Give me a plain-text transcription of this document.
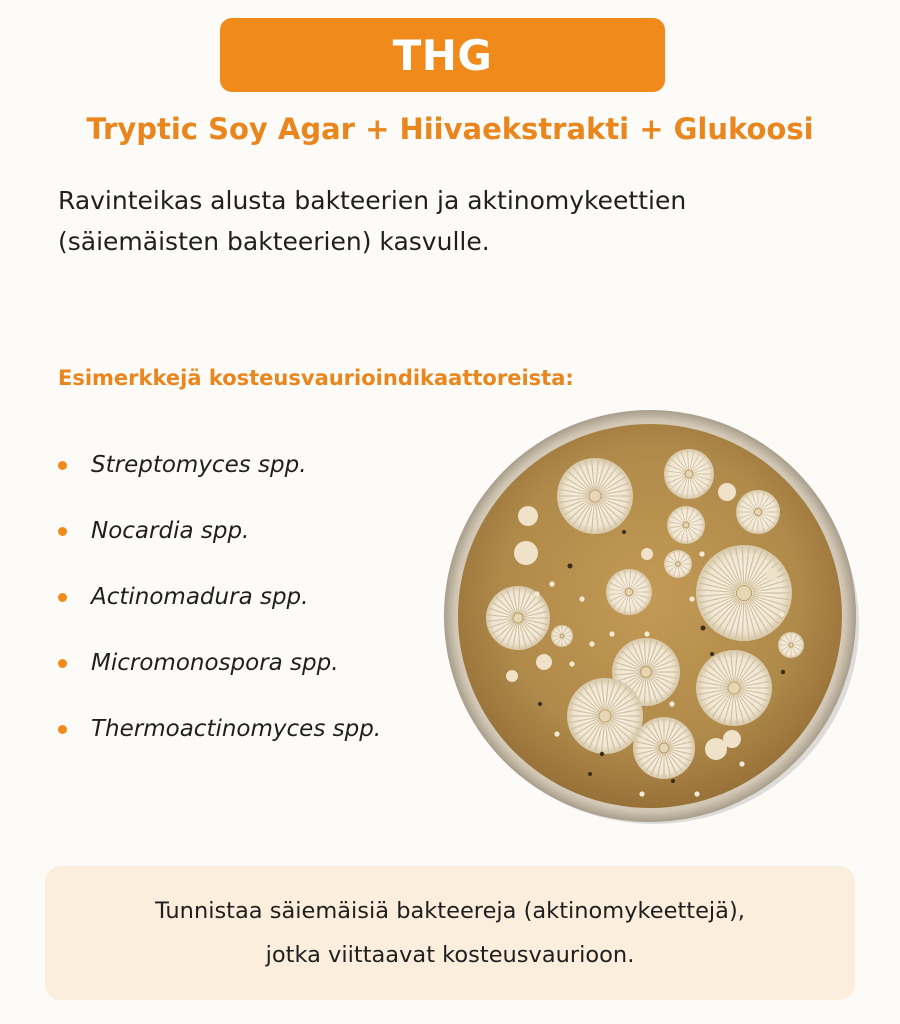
THG
Tryptic Soy Agar + Hiivaekstrakti + Glukoosi

Ravinteikas alusta bakteerien ja aktinomykeettien (säiemäisten bakteerien) kasvulle.

Esimerkkejä kosteusvaurioindikaattoreista:
Streptomyces spp.
Nocardia spp.
Actinomadura spp.
Micromonospora spp.
Thermoactinomyces spp.
Tunnistaa säiemäisiä bakteereja (aktinomykeettejä),
jotka viittaavat kosteusvaurioon.
